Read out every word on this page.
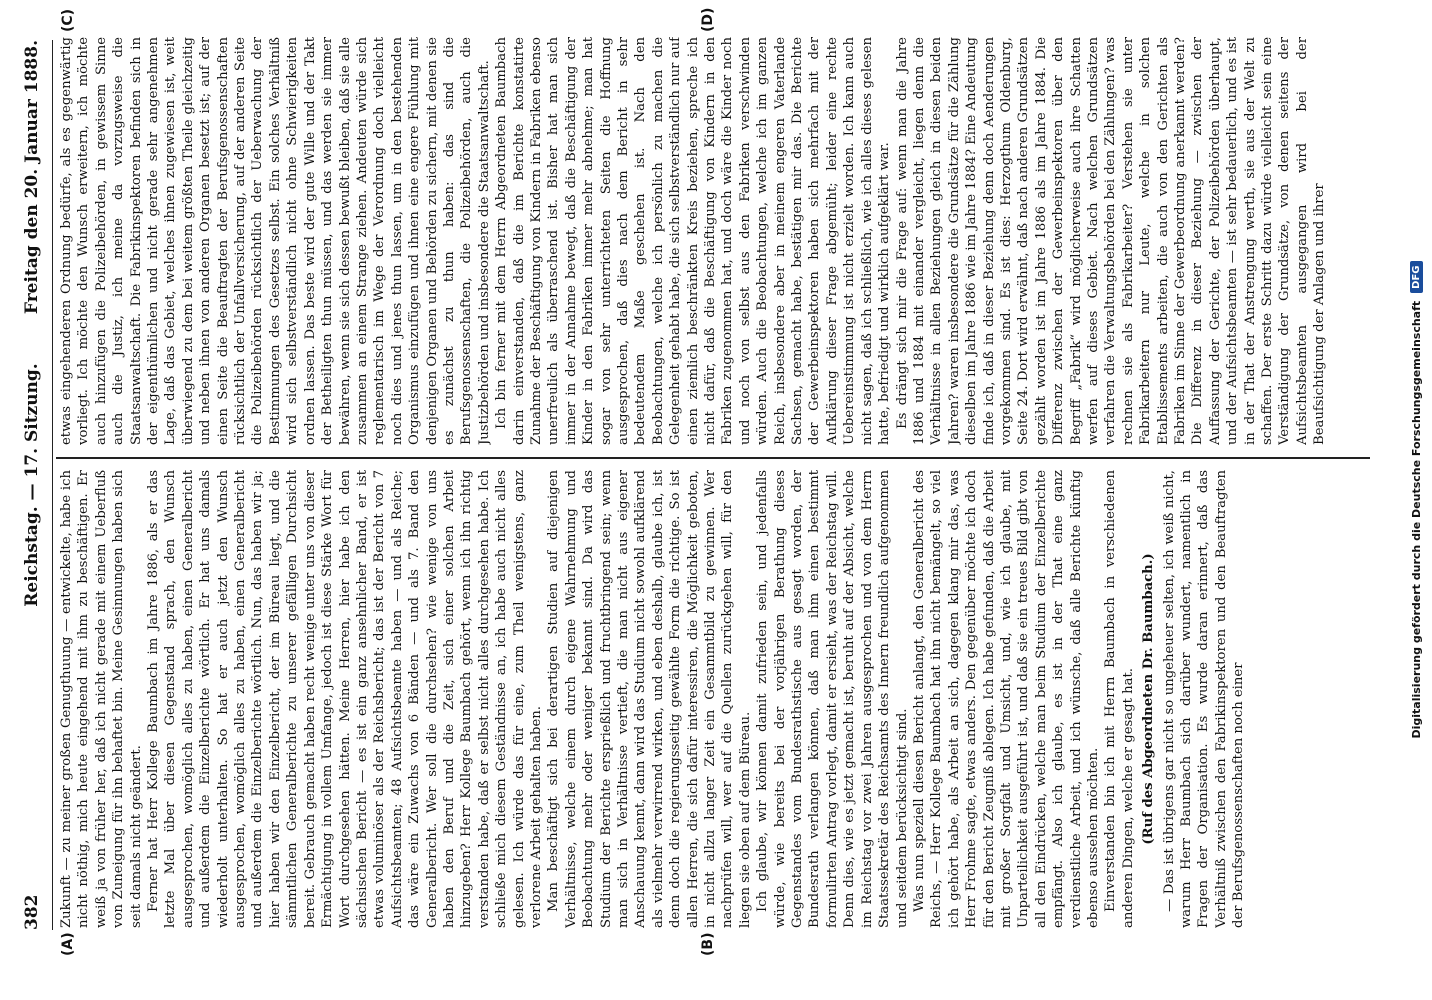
382
Reichstag. — 17. Sitzung.
Freitag den 20. Januar 1888.
(A)	(B)
(C)	(D)

Zukunft — zu meiner großen Genugthuung — entwickelte, habe ich nicht nöthig, mich heute eingehend mit ihm zu beschäftigen. Er weiß ja von früher her, daß ich nicht gerade mit einem Ueberfluß von Zuneigung für ihn behaftet bin. Meine Gesinnungen haben sich seit damals nicht geändert. Ferner hat Herr Kollege Baumbach im Jahre 1886, als er das letzte Mal über diesen Gegenstand sprach, den Wunsch ausgesprochen, womöglich alles zu haben, einen Generalbericht und außerdem die Einzelberichte wörtlich. Er hat uns damals wiederholt unterhalten. So hat er auch jetzt den Wunsch ausgesprochen, womöglich alles zu haben, einen Generalbericht und außerdem die Einzelberichte wörtlich. Nun, das haben wir ja; hier haben wir den Einzelbericht, der im Büreau liegt, und die sämmtlichen Generalberichte zu unserer gefälligen Durchsicht bereit. Gebrauch gemacht haben recht wenige unter uns von dieser Ermächtigung in vollem Umfange, jedoch ist diese Stärke Wort für Wort durchgesehen hätten. Meine Herren, hier habe ich den sächsischen Bericht — es ist ein ganz ansehnlicher Band, er ist etwas voluminöser als der Reichsbericht; das ist der Bericht von 7 Aufsichtsbeamten; 48 Aufsichtsbeamte haben — und als Reiche; das wäre ein Zuwachs von 6 Bänden — und als 7. Band den Generalbericht. Wer soll die durchsehen? wie wenige von uns haben den Beruf und die Zeit, sich einer solchen Arbeit hinzugeben? Herr Kollege Baumbach gehört, wenn ich ihn richtig verstanden habe, daß er selbst nicht alles durchgesehen habe. Ich schließe mich diesem Geständnisse an, ich habe auch nicht alles gelesen. Ich würde das für eine, zum Theil wenigstens, ganz verlorene Arbeit gehalten haben. Man beschäftigt sich bei derartigen Studien auf diejenigen Verhältnisse, welche einem durch eigene Wahrnehmung und Beobachtung mehr oder weniger bekannt sind. Da wird das Studium der Berichte ersprießlich und fruchtbringend sein; wenn man sich in Verhältnisse vertieft, die man nicht aus eigener Anschauung kennt, dann wird das Studium nicht sowohl aufklärend als vielmehr verwirrend wirken, und eben deshalb, glaube ich, ist denn doch die regierungsseitig gewählte Form die richtige. So ist allen Herren, die sich dafür interessiren, die Möglichkeit geboten, in nicht allzu langer Zeit ein Gesammtbild zu gewinnen. Wer nachprüfen will, wer auf die Quellen zurückgehen will, für den liegen sie oben auf dem Büreau. Ich glaube, wir können damit zufrieden sein, und jedenfalls würde, wie bereits bei der vorjährigen Berathung dieses Gegenstandes vom Bundesrathstische aus gesagt worden, der Bundesrath verlangen können, daß man ihm einen bestimmt formulirten Antrag vorlegt, damit er ersieht, was der Reichstag will. Denn dies, wie es jetzt gemacht ist, beruht auf der Absicht, welche im Reichstag vor zwei Jahren ausgesprochen und von dem Herrn Staatssekretär des Reichsamts des Innern freundlich aufgenommen und seitdem berücksichtigt sind. Was nun speziell diesen Bericht anlangt, den Generalbericht des Reichs, — Herr Kollege Baumbach hat ihn nicht bemängelt, so viel ich gehört habe, als Arbeit an sich, dagegen klang mir das, was Herr Frohme sagte, etwas anders. Den gegenüber möchte ich doch für den Bericht Zeugniß ablegen. Ich habe gefunden, daß die Arbeit mit großer Sorgfalt und Umsicht, und, wie ich glaube, mit Unparteilichkeit ausgeführt ist, und daß sie ein treues Bild gibt von all den Eindrücken, welche man beim Studium der Einzelberichte empfängt. Also ich glaube, es ist in der That eine ganz verdienstliche Arbeit, und ich wünsche, daß alle Berichte künftig ebenso aussehen möchten. Einverstanden bin ich mit Herrn Baumbach in verschiedenen anderen Dingen, welche er gesagt hat. (Ruf des Abgeordneten Dr. Baumbach.) — Das ist übrigens gar nicht so ungeheuer selten, ich weiß nicht, warum Herr Baumbach sich darüber wundert, namentlich in Fragen der Organisation. Es wurde daran erinnert, daß das Verhältniß zwischen den Fabrikinspektoren und den Beauftragten der Berufsgenossenschaften noch einer

etwas eingehenderen Ordnung bedürfe, als es gegenwärtig vorliegt. Ich möchte den Wunsch erweitern, ich möchte auch hinzufügen die Polizeibehörden, in gewissem Sinne auch die Justiz, ich meine da vorzugsweise die Staatsanwaltschaft. Die Fabrikinspektoren befinden sich in der eigenthümlichen und nicht gerade sehr angenehmen Lage, daß das Gebiet, welches ihnen zugewiesen ist, weit überwiegend zu dem bei weitem größten Theile gleichzeitig und neben ihnen von anderen Organen besetzt ist; auf der einen Seite die Beauftragten der Berufsgenossenschaften rücksichtlich der Unfallversicherung, auf der anderen Seite die Polizeibehörden rücksichtlich der Ueberwachung der Bestimmungen des Gesetzes selbst. Ein solches Verhältniß wird sich selbstverständlich nicht ohne Schwierigkeiten ordnen lassen. Das beste wird der gute Wille und der Takt der Betheiligten thun müssen, und das werden sie immer bewähren, wenn sie sich dessen bewußt bleiben, daß sie alle zusammen an einem Strange ziehen. Andeuten würde sich reglementarisch im Wege der Verordnung doch vielleicht noch dies und jenes thun lassen, um in den bestehenden Organismus einzufügen und ihnen eine engere Fühlung mit denjenigen Organen und Behörden zu sichern, mit denen sie es zunächst zu thun haben: das sind die Berufsgenossenschaften, die Polizeibehörden, auch die Justizbehörden und insbesondere die Staatsanwaltschaft. Ich bin ferner mit dem Herrn Abgeordneten Baumbach darin einverstanden, daß die im Berichte konstatirte Zunahme der Beschäftigung von Kindern in Fabriken ebenso unerfreulich als überraschend ist. Bisher hat man sich immer in der Annahme bewegt, daß die Beschäftigung der Kinder in den Fabriken immer mehr abnehme; man hat sogar von sehr unterrichteten Seiten die Hoffnung ausgesprochen, daß dies nach dem Bericht in sehr bedeutendem Maße geschehen ist. Nach den Beobachtungen, welche ich persönlich zu machen die Gelegenheit gehabt habe, die sich selbstverständlich nur auf einen ziemlich beschränkten Kreis beziehen, spreche ich nicht dafür, daß die Beschäftigung von Kindern in den Fabriken zugenommen hat, und doch wäre die Kinder noch und noch von selbst aus den Fabriken verschwinden würden. Auch die Beobachtungen, welche ich im ganzen Reich, insbesondere aber in meinem engeren Vaterlande Sachsen, gemacht habe, bestätigen mir das. Die Berichte der Gewerbeinspektoren haben sich mehrfach mit der Aufklärung dieser Frage abgemüht; leider eine rechte Uebereinstimmung ist nicht erzielt worden. Ich kann auch nicht sagen, daß ich schließlich, wie ich alles dieses gelesen hatte, befriedigt und wirklich aufgeklärt war. Es drängt sich mir die Frage auf: wenn man die Jahre 1886 und 1884 mit einander vergleicht, liegen denn die Verhältnisse in allen Beziehungen gleich in diesen beiden Jahren? waren insbesondere die Grundsätze für die Zählung dieselben im Jahre 1886 wie im Jahre 1884? Eine Andeutung finde ich, daß in dieser Beziehung denn doch Aenderungen vorgekommen sind. Es ist dies: Herzogthum Oldenburg, Seite 24. Dort wird erwähnt, daß nach anderen Grundsätzen gezählt worden ist im Jahre 1886 als im Jahre 1884. Die Differenz zwischen der Gewerbeinspektoren über den Begriff „Fabrik“ wird möglicherweise auch ihre Schatten werfen auf dieses Gebiet. Nach welchen Grundsätzen verfahren die Verwaltungsbehörden bei den Zählungen? was rechnen sie als Fabrikarbeiter? Verstehen sie unter Fabrikarbeitern nur Leute, welche in solchen Etablissements arbeiten, die auch von den Gerichten als Fabriken im Sinne der Gewerbeordnung anerkannt werden? Die Differenz in dieser Beziehung — zwischen der Auffassung der Gerichte, der Polizeibehörden überhaupt, und der Aufsichtsbeamten — ist sehr bedauerlich, und es ist in der That der Anstrengung werth, sie aus der Welt zu schaffen. Der erste Schritt dazu würde vielleicht sein eine Verständigung der Grundsätze, von denen seitens der Aufsichtsbeamten ausgegangen wird bei der Beaufsichtigung der Anlagen und ihrer	Digitalisierung gefördert durch die Deutsche Forschungsgemeinschaft
DFG
